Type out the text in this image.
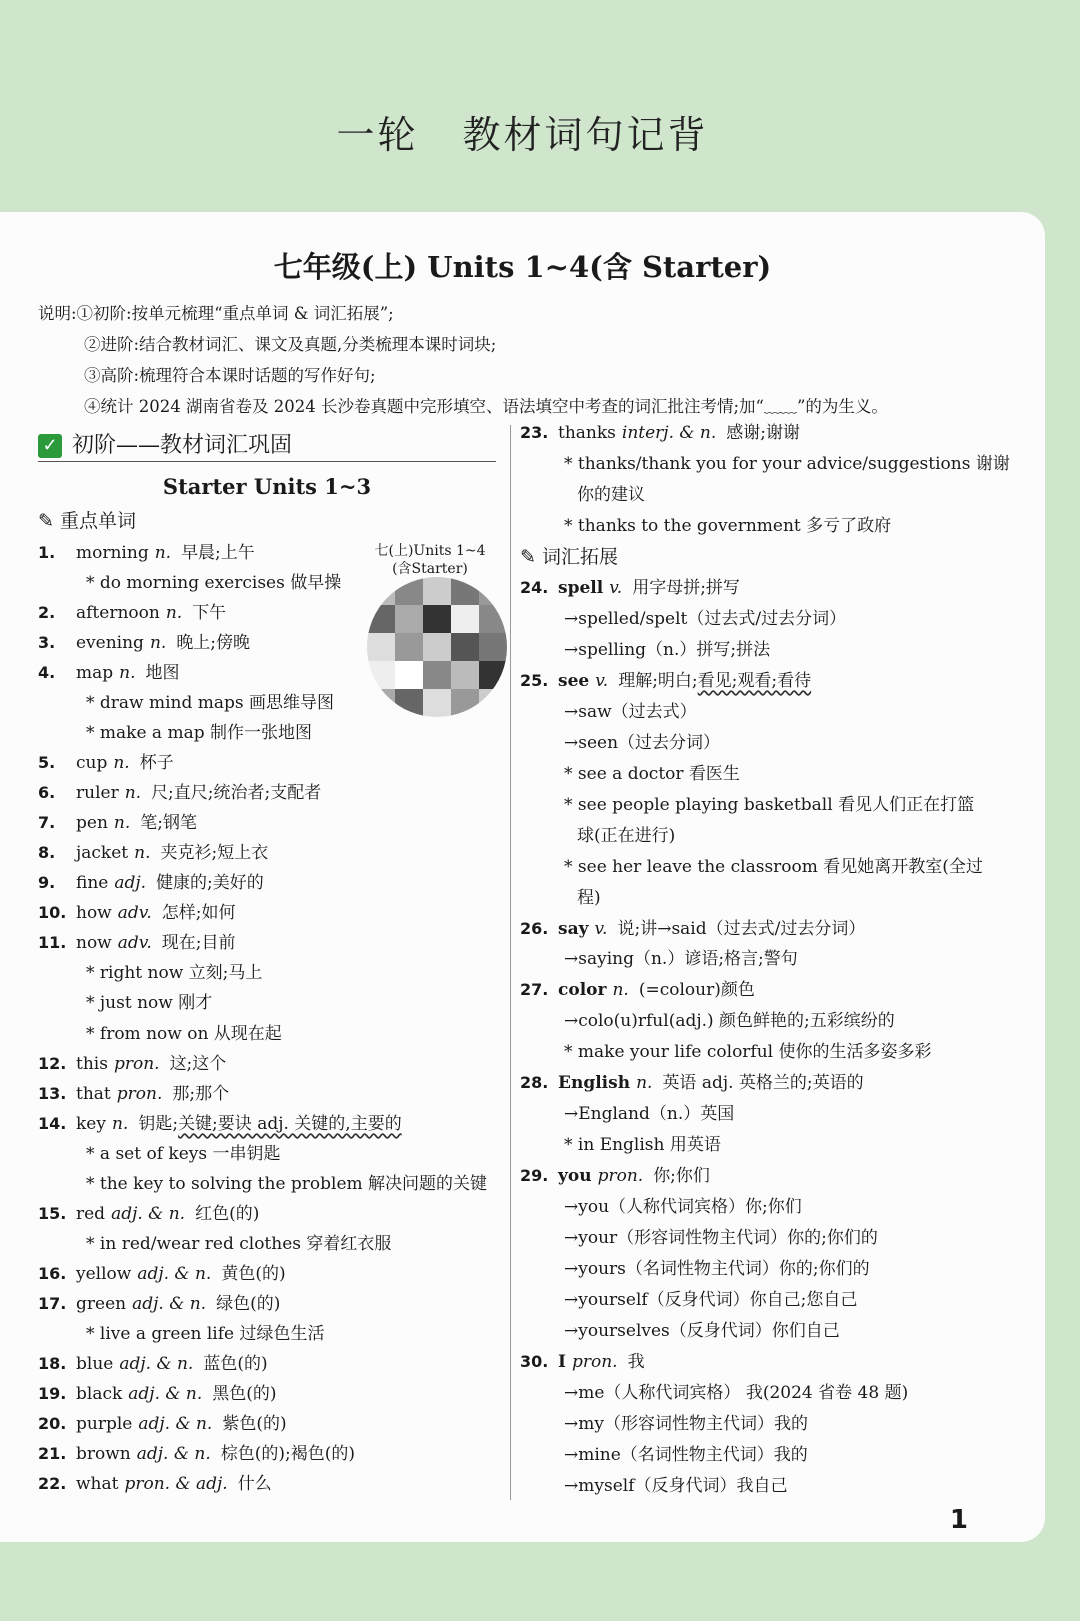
一轮 教材词句记背
七年级(上) Units 1~4(含 Starter)
说明:①初阶:按单元梳理“重点单词 & 词汇拓展”;
②进阶:结合教材词汇、课文及真题,分类梳理本课时词块;
③高阶:梳理符合本课时话题的写作好句;
④统计 2024 湖南省卷及 2024 长沙卷真题中完形填空、语法填空中考查的词汇批注考情;加“﹏﹏”的为生义。
✓ 初阶——教材词汇巩固
Starter Units 1~3
✎ 重点单词
1. morning n. 早晨;上午
* do morning exercises 做早操
2. afternoon n. 下午
3. evening n. 晚上;傍晚
4. map n. 地图
* draw mind maps 画思维导图
* make a map 制作一张地图
5. cup n. 杯子
6. ruler n. 尺;直尺;统治者;支配者
7. pen n. 笔;钢笔
8. jacket n. 夹克衫;短上衣
9. fine adj. 健康的;美好的
10. how adv. 怎样;如何
11. now adv. 现在;目前
* right now 立刻;马上
* just now 刚才
* from now on 从现在起
12. this pron. 这;这个
13. that pron. 那;那个
14. key n. 钥匙;关键;要诀 adj. 关键的,主要的
* a set of keys 一串钥匙
* the key to solving the problem 解决问题的关键
15. red adj. & n. 红色(的)
* in red/wear red clothes 穿着红衣服
16. yellow adj. & n. 黄色(的)
17. green adj. & n. 绿色(的)
* live a green life 过绿色生活
18. blue adj. & n. 蓝色(的)
19. black adj. & n. 黑色(的)
20. purple adj. & n. 紫色(的)
21. brown adj. & n. 棕色(的);褐色(的)
22. what pron. & adj. 什么
23. thanks interj. & n. 感谢;谢谢
* thanks/thank you for your advice/suggestions 谢谢
你的建议
* thanks to the government 多亏了政府
✎ 词汇拓展
24. spell v. 用字母拼;拼写
→spelled/spelt（过去式/过去分词）
→spelling（n.）拼写;拼法
25. see v. 理解;明白;看见;观看;看待
→saw（过去式）
→seen（过去分词）
* see a doctor 看医生
* see people playing basketball 看见人们正在打篮
球(正在进行)
* see her leave the classroom 看见她离开教室(全过
程)
26. say v. 说;讲→said（过去式/过去分词）
→saying（n.）谚语;格言;警句
27. color n. (=colour)颜色
→colo(u)rful(adj.) 颜色鲜艳的;五彩缤纷的
* make your life colorful 使你的生活多姿多彩
28. English n. 英语 adj. 英格兰的;英语的
→England（n.）英国
* in English 用英语
29. you pron. 你;你们
→you（人称代词宾格）你;你们
→your（形容词性物主代词）你的;你们的
→yours（名词性物主代词）你的;你们的
→yourself（反身代词）你自己;您自己
→yourselves（反身代词）你们自己
30. I pron. 我
→me（人称代词宾格） 我(2024 省卷 48 题)
→my（形容词性物主代词）我的
→mine（名词性物主代词）我的
→myself（反身代词）我自己
七(上)Units 1~4
(含Starter)
1
